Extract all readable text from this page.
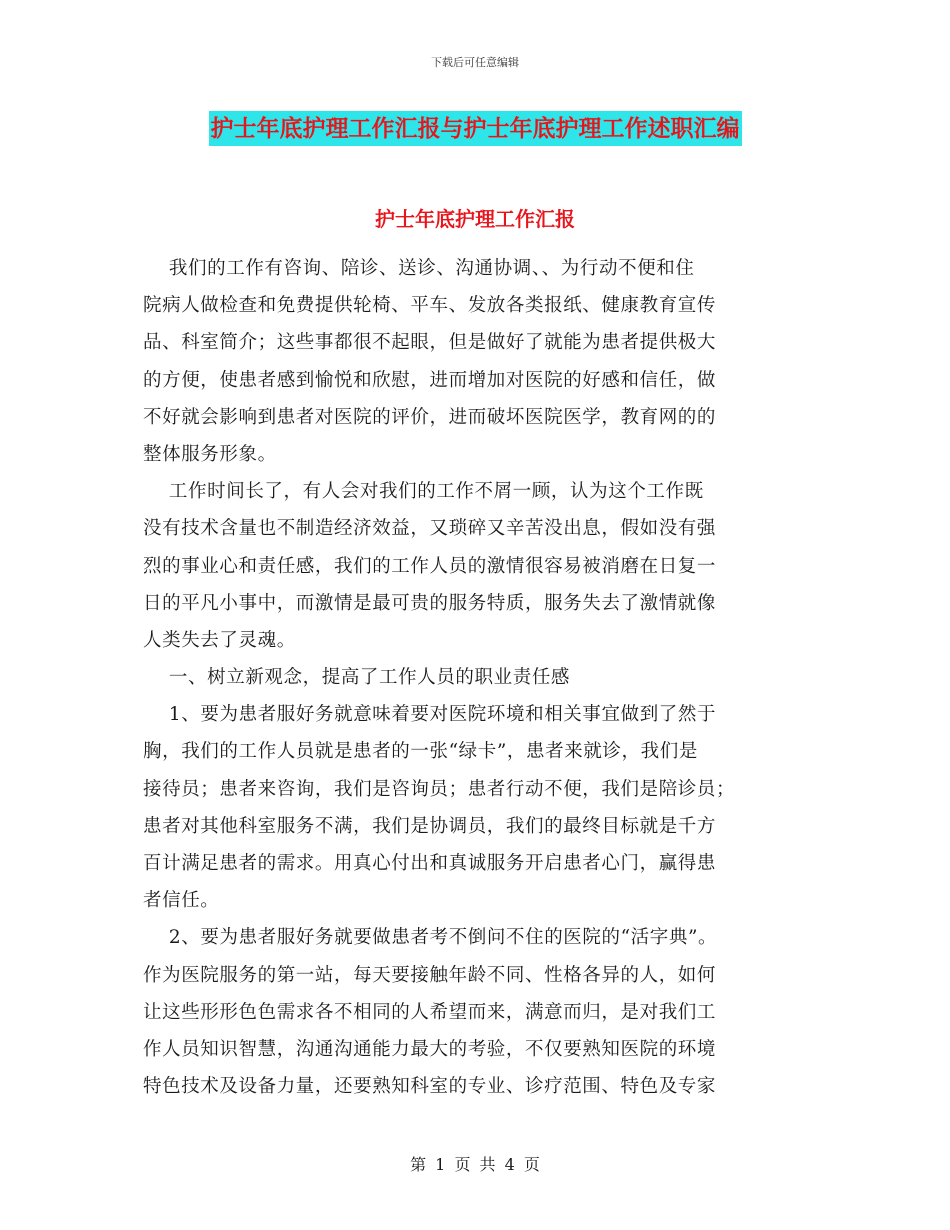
下载后可任意编辑
护士年底护理工作汇报与护士年底护理工作述职汇编
护士年底护理工作汇报
我们的工作有咨询、陪诊、送诊、沟通协调、、为行动不便和住
院病人做检查和免费提供轮椅、平车、发放各类报纸、健康教育宣传
品、科室简介；这些事都很不起眼，但是做好了就能为患者提供极大
的方便，使患者感到愉悦和欣慰，进而增加对医院的好感和信任，做
不好就会影响到患者对医院的评价，进而破坏医院医学，教育网的的
整体服务形象。
工作时间长了，有人会对我们的工作不屑一顾，认为这个工作既
没有技术含量也不制造经济效益，又琐碎又辛苦没出息，假如没有强
烈的事业心和责任感，我们的工作人员的激情很容易被消磨在日复一
日的平凡小事中，而激情是最可贵的服务特质，服务失去了激情就像
人类失去了灵魂。
一、树立新观念，提高了工作人员的职业责任感
1、要为患者服好务就意味着要对医院环境和相关事宜做到了然于
胸，我们的工作人员就是患者的一张“绿卡”，患者来就诊，我们是
接待员；患者来咨询，我们是咨询员；患者行动不便，我们是陪诊员；
患者对其他科室服务不满，我们是协调员，我们的最终目标就是千方
百计满足患者的需求。用真心付出和真诚服务开启患者心门，赢得患
者信任。
2、要为患者服好务就要做患者考不倒问不住的医院的“活字典”。
作为医院服务的第一站，每天要接触年龄不同、性格各异的人，如何
让这些形形色色需求各不相同的人希望而来，满意而归，是对我们工
作人员知识智慧，沟通沟通能力最大的考验，不仅要熟知医院的环境
特色技术及设备力量，还要熟知科室的专业、诊疗范围、特色及专家
第 1 页 共 4 页
